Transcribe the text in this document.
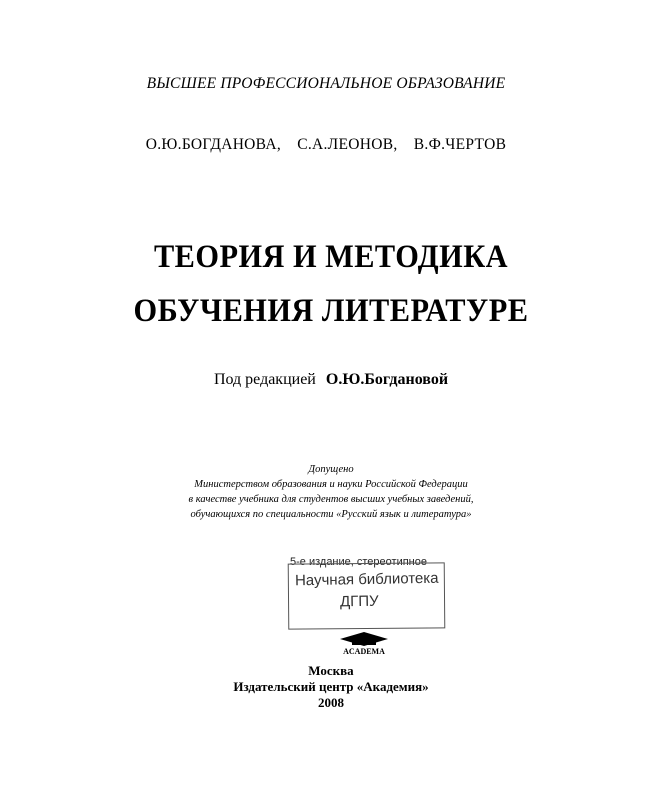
ВЫСШЕЕ ПРОФЕССИОНАЛЬНОЕ ОБРАЗОВАНИЕ
О.Ю.БОГДАНОВА, С.А.ЛЕОНОВ, В.Ф.ЧЕРТОВ
ТЕОРИЯ И МЕТОДИКА
ОБУЧЕНИЯ ЛИТЕРАТУРЕ
Под редакцией О.Ю.Богдановой
Допущено
Министерством образования и науки Российской Федерации
в качестве учебника для студентов высших учебных заведений,
обучающихся по специальности «Русский язык и литература»
5-е издание, стереотипное
Научная библиотека
ДГПУ
ACADEMA
Москва
Издательский центр «Академия»
2008
